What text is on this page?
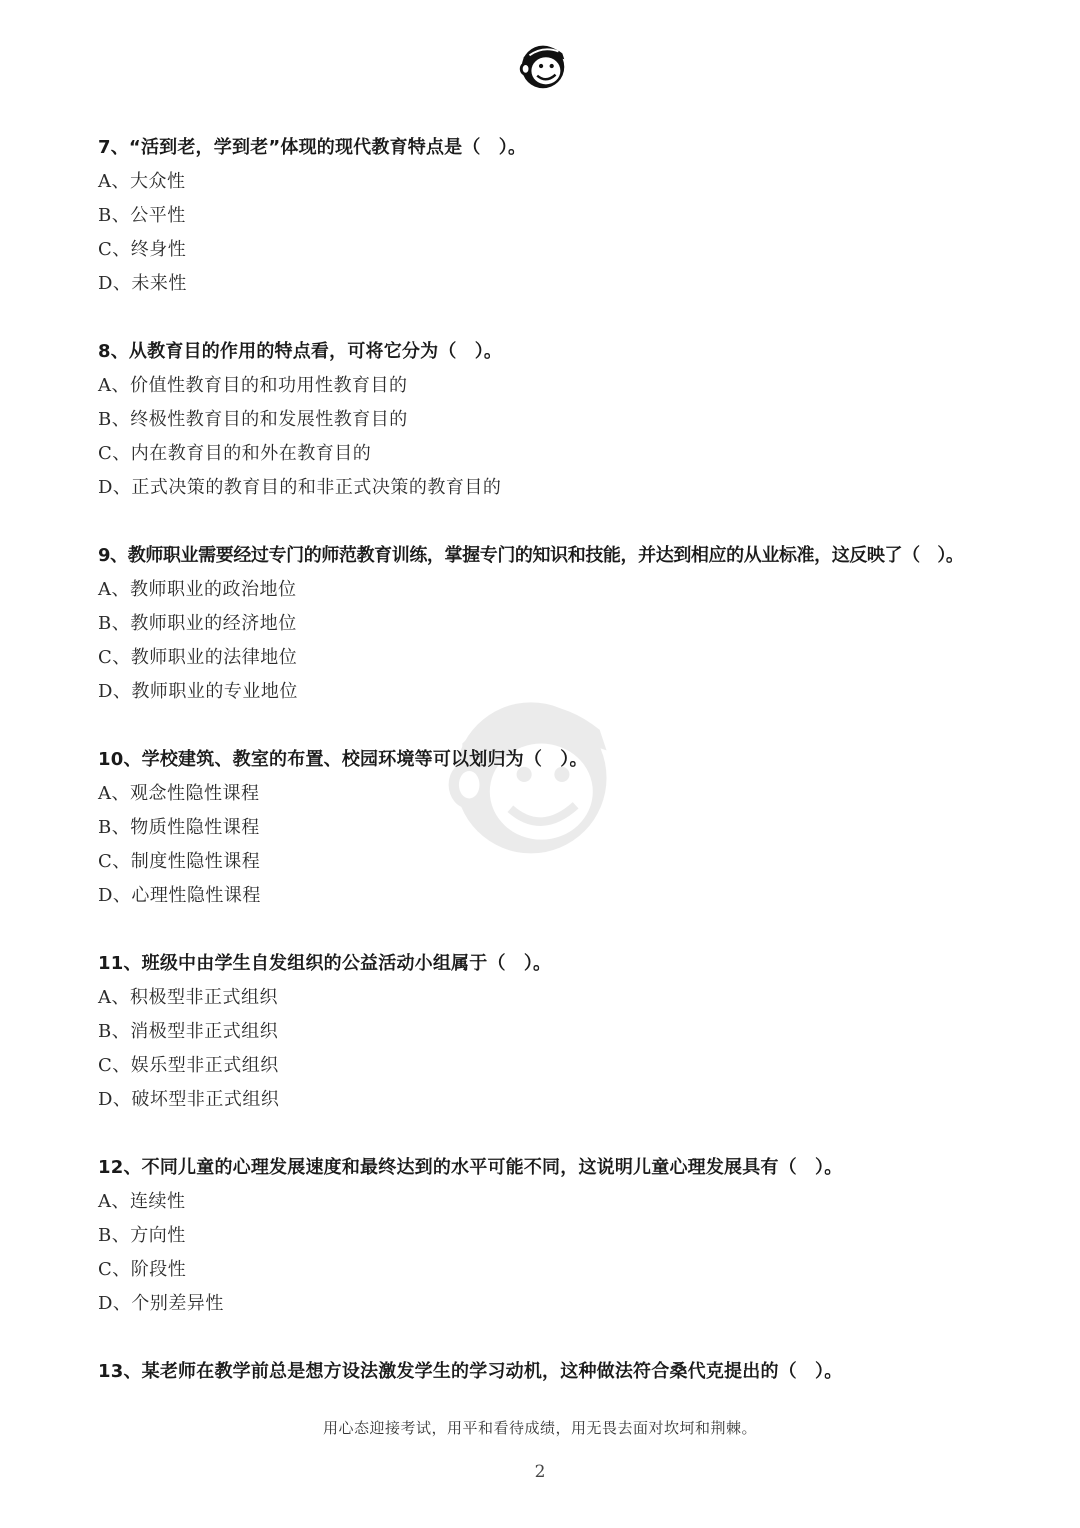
7、“活到老，学到老”体现的现代教育特点是（　）。
A、大众性
B、公平性
C、终身性
D、未来性
8、从教育目的作用的特点看，可将它分为（　）。
A、价值性教育目的和功用性教育目的
B、终极性教育目的和发展性教育目的
C、内在教育目的和外在教育目的
D、正式决策的教育目的和非正式决策的教育目的
9、教师职业需要经过专门的师范教育训练，掌握专门的知识和技能，并达到相应的从业标准，这反映了（　）。
A、教师职业的政治地位
B、教师职业的经济地位
C、教师职业的法律地位
D、教师职业的专业地位
10、学校建筑、教室的布置、校园环境等可以划归为（　）。
A、观念性隐性课程
B、物质性隐性课程
C、制度性隐性课程
D、心理性隐性课程
11、班级中由学生自发组织的公益活动小组属于（　）。
A、积极型非正式组织
B、消极型非正式组织
C、娱乐型非正式组织
D、破坏型非正式组织
12、不同儿童的心理发展速度和最终达到的水平可能不同，这说明儿童心理发展具有（　）。
A、连续性
B、方向性
C、阶段性
D、个别差异性
13、某老师在教学前总是想方设法激发学生的学习动机，这种做法符合桑代克提出的（　）。
用心态迎接考试，用平和看待成绩，用无畏去面对坎坷和荆棘。
2
